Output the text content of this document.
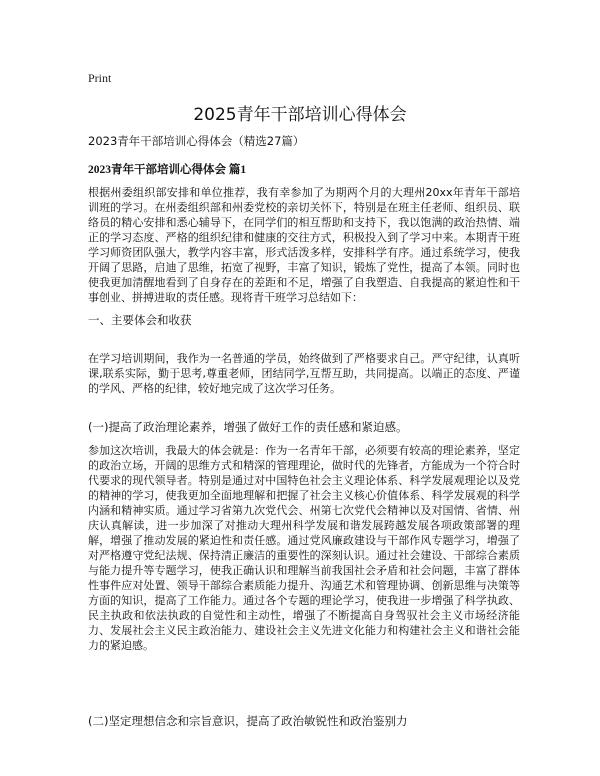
Print
2025青年干部培训心得体会

2023青年干部培训心得体会（精选27篇）

2023青年干部培训心得体会 篇1

根据州委组织部安排和单位推荐，我有幸参加了为期两个月的大理州20xx年青年干部培训班的学习。在州委组织部和州委党校的亲切关怀下，特别是在班主任老师、组织员、联络员的精心安排和悉心辅导下，在同学们的相互帮助和支持下，我以饱满的政治热情、端正的学习态度、严格的组织纪律和健康的交往方式，积极投入到了学习中来。本期青干班学习师资团队强大，教学内容丰富，形式活泼多样，安排科学有序。通过系统学习，使我开阔了思路，启迪了思维，拓宽了视野，丰富了知识，锻炼了党性，提高了本领。同时也使我更加清醒地看到了自身存在的差距和不足，增强了自我塑造、自我提高的紧迫性和干事创业、拼搏进取的责任感。现将青干班学习总结如下：

一、主要体会和收获

在学习培训期间，我作为一名普通的学员，始终做到了严格要求自己。严守纪律，认真听课,联系实际，勤于思考,尊重老师，团结同学,互帮互助，共同提高。以端正的态度、严谨的学风、严格的纪律，较好地完成了这次学习任务。

(一)提高了政治理论素养，增强了做好工作的责任感和紧迫感。

参加这次培训，我最大的体会就是：作为一名青年干部，必须要有较高的理论素养，坚定的政治立场，开阔的思维方式和精深的管理理论，做时代的先锋者，方能成为一个符合时代要求的现代领导者。特别是通过对中国特色社会主义理论体系、科学发展观理论以及党的精神的学习，使我更加全面地理解和把握了社会主义核心价值体系、科学发展观的科学内涵和精神实质。通过学习省第九次党代会、州第七次党代会精神以及对国情、省情、州庆认真解读，进一步加深了对推动大理州科学发展和谐发展跨越发展各项政策部署的理解，增强了推动发展的紧迫性和责任感。通过党风廉政建设与干部作风专题学习，增强了对严格遵守党纪法规、保持清正廉洁的重要性的深刻认识。通过社会建设、干部综合素质与能力提升等专题学习，使我正确认识和理解当前我国社会矛盾和社会问题，丰富了群体性事件应对处置、领导干部综合素质能力提升、沟通艺术和管理协调、创新思维与决策等方面的知识，提高了工作能力。通过各个专题的理论学习，使我进一步增强了科学执政、民主执政和依法执政的自觉性和主动性，增强了不断提高自身驾驭社会主义市场经济能力、发展社会主义民主政治能力、建设社会主义先进文化能力和构建社会主义和谐社会能力的紧迫感。

(二)坚定理想信念和宗旨意识，提高了政治敏锐性和政治鉴别力
